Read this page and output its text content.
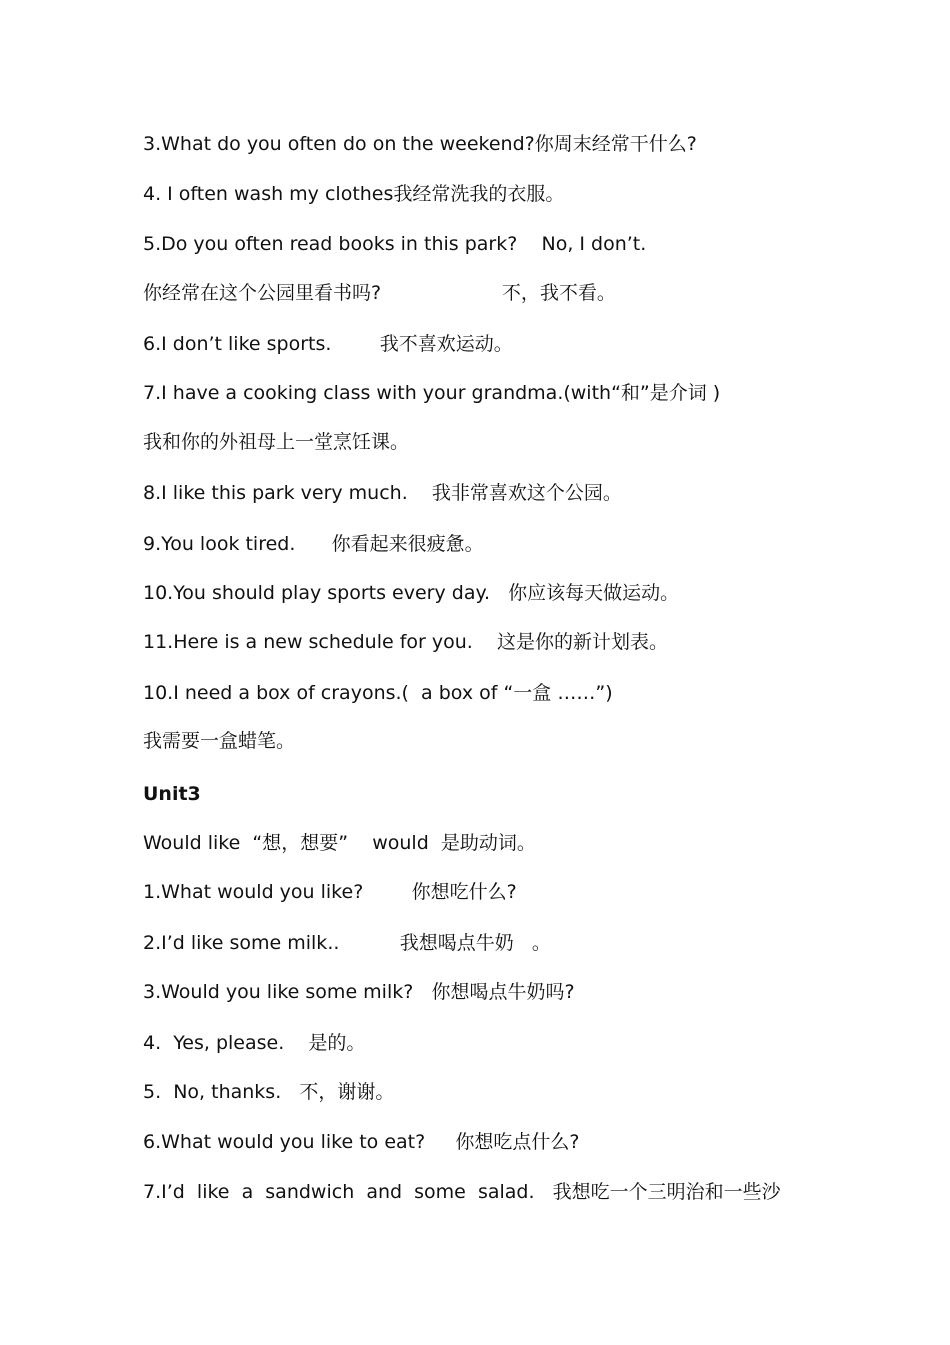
3.What do you often do on the weekend?你周末经常干什么?
4. I often wash my clothes我经常洗我的衣服。
5.Do you often read books in this park?    No, I don’t.
你经常在这个公园里看书吗?                    不，我不看。
6.I don’t like sports.        我不喜欢运动。
7.I have a cooking class with your grandma.(with“和”是介词 )
我和你的外祖母上一堂烹饪课。
8.I like this park very much.    我非常喜欢这个公园。
9.You look tired.      你看起来很疲惫。
10.You should play sports every day.   你应该每天做运动。
11.Here is a new schedule for you.    这是你的新计划表。
10.I need a box of crayons.(  a box of “一盒 ……”)
我需要一盒蜡笔。
Unit3
Would like  “想，想要”    would  是助动词。
1.What would you like?        你想吃什么?
2.I’d like some milk..          我想喝点牛奶   。
3.Would you like some milk?   你想喝点牛奶吗?
4.  Yes, please.    是的。
5.  No, thanks.   不，谢谢。
6.What would you like to eat?     你想吃点什么?
7.I’d  like  a  sandwich  and  some  salad.   我想吃一个三明治和一些沙
